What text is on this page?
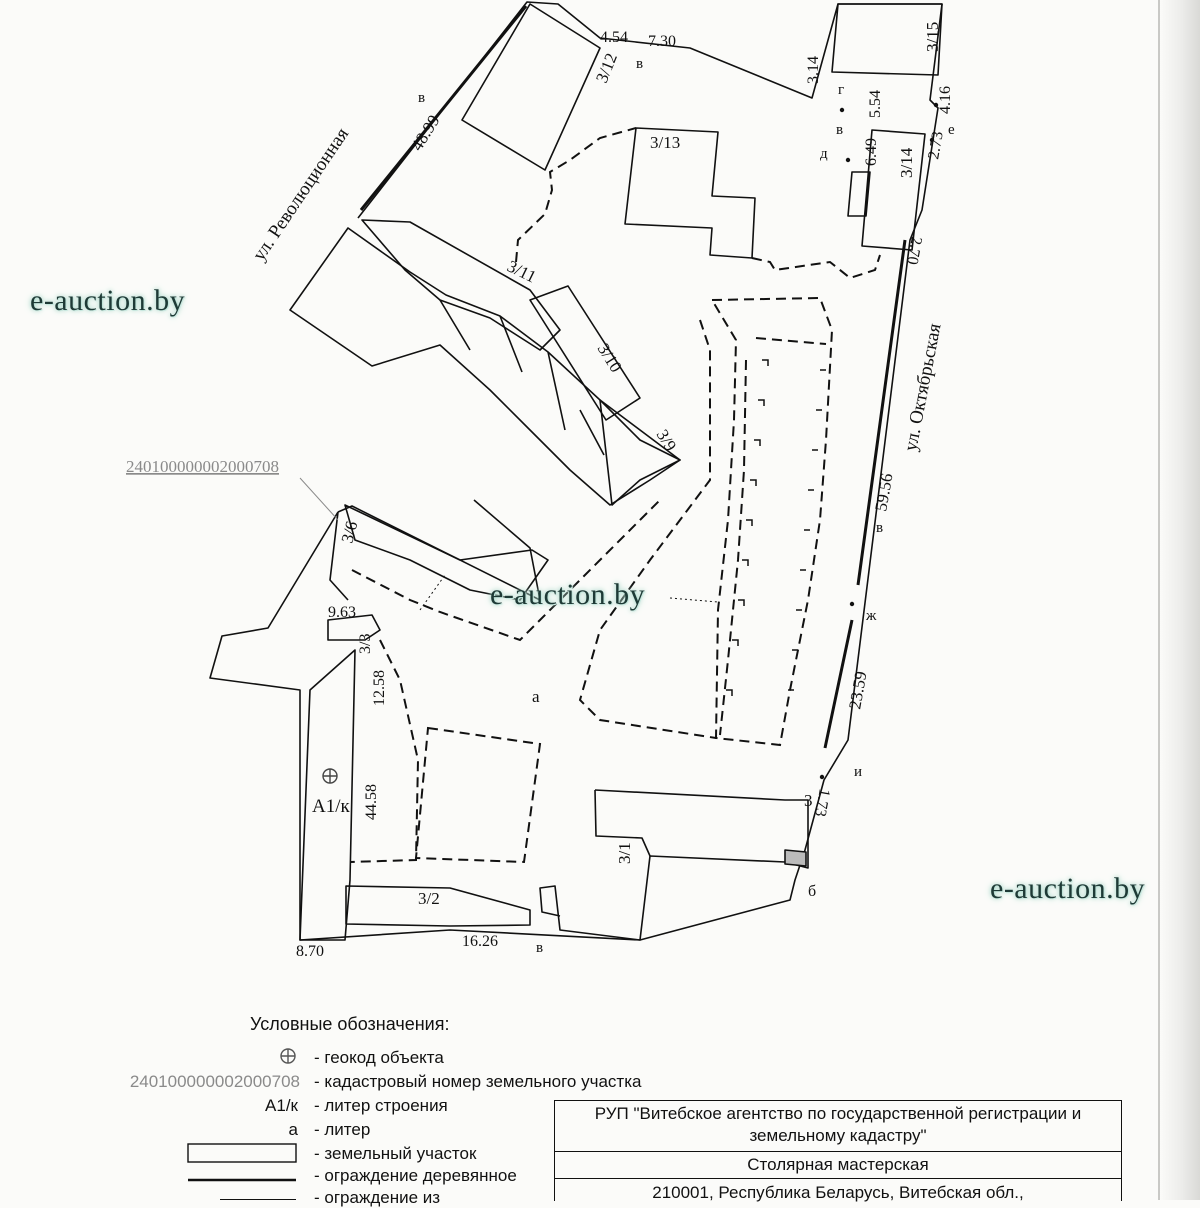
ул. Революционная
ул. Октябрьская
48.99
4.54 7.30
3.14
5.54	4.16
6.49	2.73
2.70
59.56
23.59
1.73
9.63
12.58
44.58
8.70
16.26
3/15
3/12
3/13
3/14
3/11
3/10
3/9
3/6
3/3
3/2
3/1
3
А1/к
240100000002000708
а
б
в
в
в
в
в
г
д
е
ж
и
e-auction.by
e-auction.by
e-auction.by
Условные обозначения:
240100000002000708
А1/к
а
- геокод объекта
- кадастровый номер земельного участка
- литер строения
- литер
- земельный участок
- ограждение деревянное
- ограждение из
РУП "Витебское агентство по государственной регистрации и земельному кадастру"
Столярная мастерская
210001, Республика Беларусь, Витебская обл.,
